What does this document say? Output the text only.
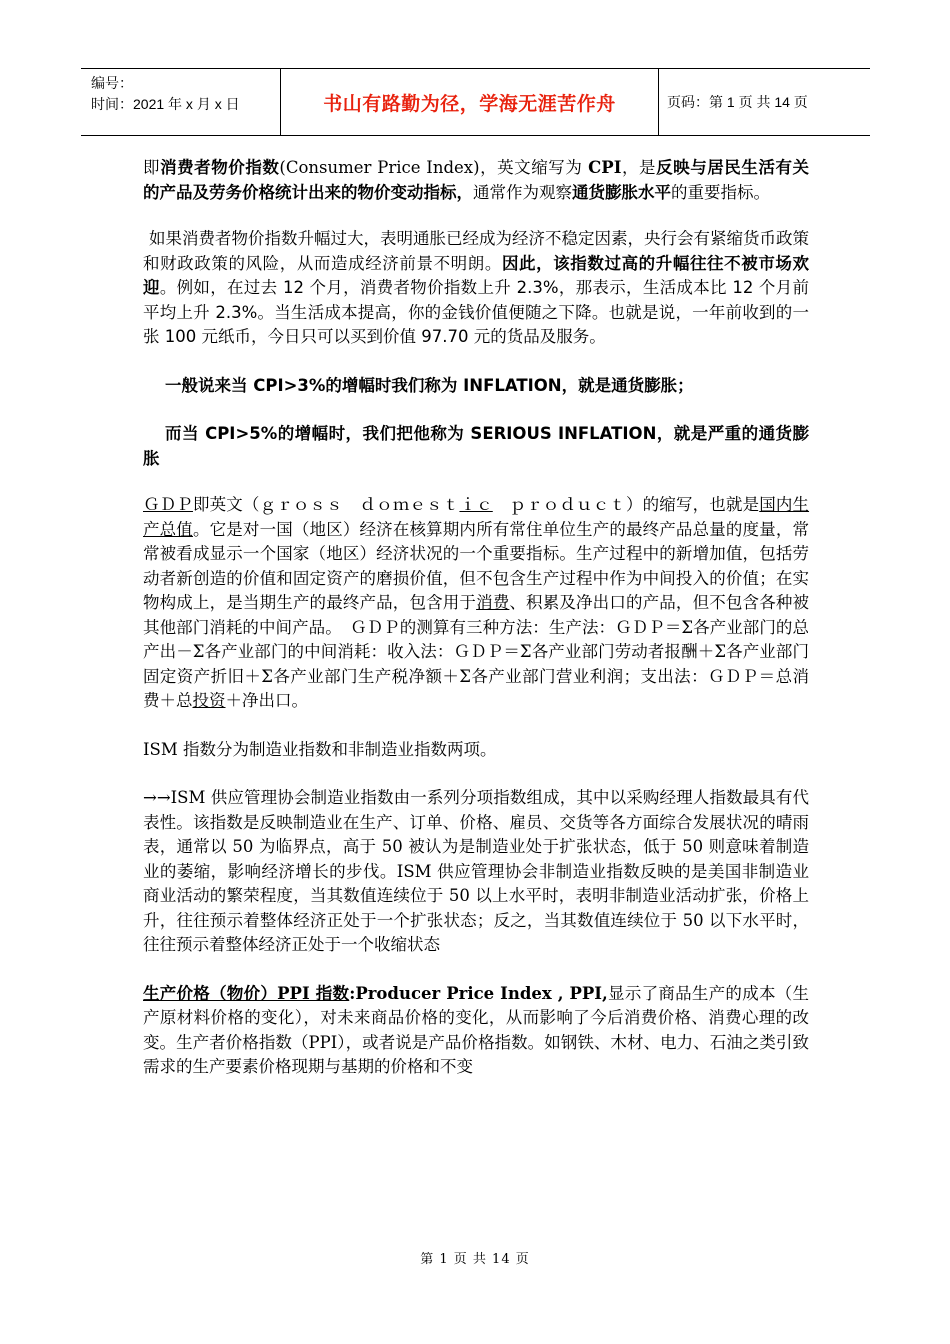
编号：
时间：2021 年 x 月 x 日	书山有路勤为径，学海无涯苦作舟	页码：第 1 页 共 14 页

即消费者物价指数(Consumer Price Index)，英文缩写为 CPI，是反映与居民生活有关的产品及劳务价格统计出来的物价变动指标，通常作为观察通货膨胀水平的重要指标。

如果消费者物价指数升幅过大，表明通胀已经成为经济不稳定因素，央行会有紧缩货币政策和财政政策的风险，从而造成经济前景不明朗。因此，该指数过高的升幅往往不被市场欢迎。例如，在过去 12 个月，消费者物价指数上升 2.3%，那表示，生活成本比 12 个月前平均上升 2.3%。当生活成本提高，你的金钱价值便随之下降。也就是说，一年前收到的一张 100 元纸币，今日只可以买到价值 97.70 元的货品及服务。

一般说来当 CPI>3%的增幅时我们称为 INFLATION，就是通货膨胀；

而当 CPI>5%的增幅时，我们把他称为 SERIOUS INFLATION，就是严重的通货膨胀

ＧＤＰ即英文（ｇｒｏｓｓ　ｄｏｍｅｓｔｉｃ　ｐｒｏｄｕｃｔ）的缩写，也就是国内生产总值。它是对一国（地区）经济在核算期内所有常住单位生产的最终产品总量的度量，常常被看成显示一个国家（地区）经济状况的一个重要指标。生产过程中的新增加值，包括劳动者新创造的价值和固定资产的磨损价值，但不包含生产过程中作为中间投入的价值；在实物构成上，是当期生产的最终产品，包含用于消费、积累及净出口的产品，但不包含各种被其他部门消耗的中间产品。　ＧＤＰ的测算有三种方法：生产法：ＧＤＰ＝Σ各产业部门的总产出－Σ各产业部门的中间消耗：收入法：ＧＤＰ＝Σ各产业部门劳动者报酬＋Σ各产业部门固定资产折旧＋Σ各产业部门生产税净额＋Σ各产业部门营业利润；支出法：ＧＤＰ＝总消费＋总投资＋净出口。

ISM 指数分为制造业指数和非制造业指数两项。

→→ISM 供应管理协会制造业指数由一系列分项指数组成，其中以采购经理人指数最具有代表性。该指数是反映制造业在生产、订单、价格、雇员、交货等各方面综合发展状况的晴雨表，通常以 50 为临界点，高于 50 被认为是制造业处于扩张状态，低于 50 则意味着制造业的萎缩，影响经济增长的步伐。ISM 供应管理协会非制造业指数反映的是美国非制造业商业活动的繁荣程度，当其数值连续位于 50 以上水平时，表明非制造业活动扩张，价格上升，往往预示着整体经济正处于一个扩张状态；反之，当其数值连续位于 50 以下水平时，往往预示着整体经济正处于一个收缩状态

生产价格（物价）PPI 指数:Producer Price Index , PPI,显示了商品生产的成本（生产原材料价格的变化），对未来商品价格的变化，从而影响了今后消费价格、消费心理的改变。生产者价格指数（PPI），或者说是产品价格指数。如钢铁、木材、电力、石油之类引致需求的生产要素价格现期与基期的价格和不变

第 1 页 共 14 页
